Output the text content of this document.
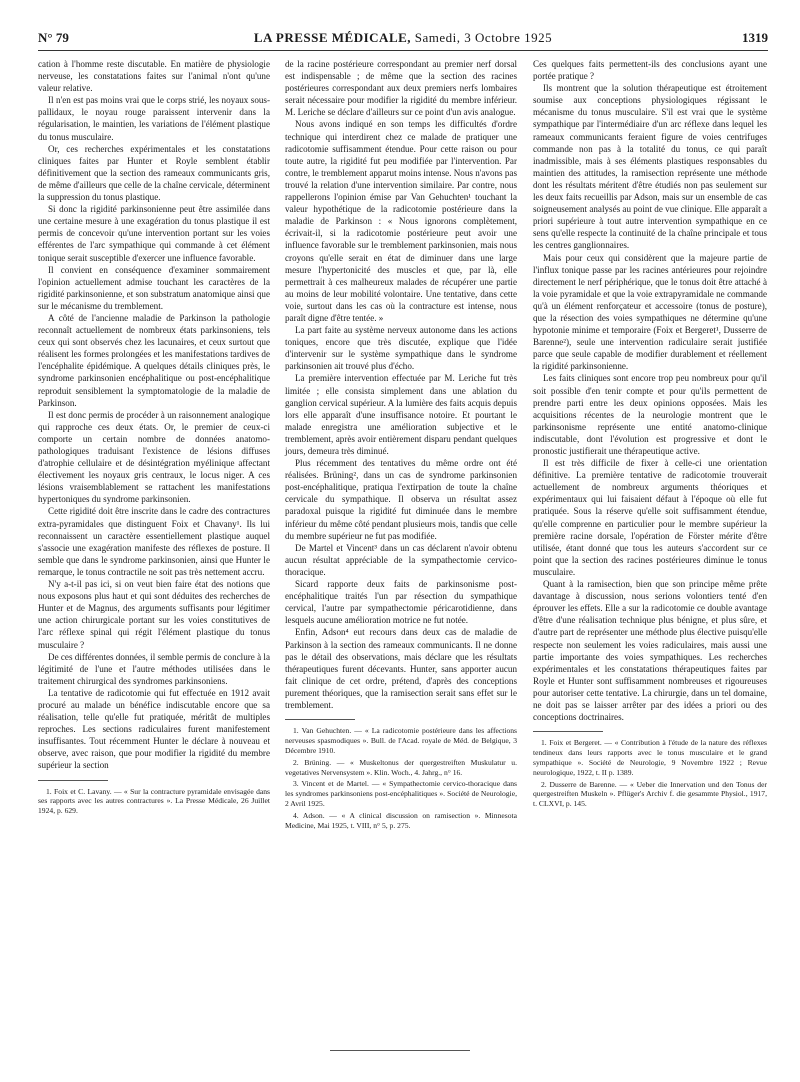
N° 79	LA PRESSE MÉDICALE, Samedi, 3 Octobre 1925	1319

cation à l'homme reste discutable. En matière de physiologie nerveuse, les constatations faites sur l'animal n'ont qu'une valeur relative.

Il n'en est pas moins vrai que le corps strié, les noyaux sous-pallidaux, le noyau rouge paraissent intervenir dans la régularisation, le maintien, les variations de l'élément plastique du tonus musculaire.

Or, ces recherches expérimentales et les constatations cliniques faites par Hunter et Royle semblent établir définitivement que la section des rameaux communicants gris, de même d'ailleurs que celle de la chaîne cervicale, déterminent la suppression du tonus plastique.

Si donc la rigidité parkinsonienne peut être assimilée dans une certaine mesure à une exagération du tonus plastique il est permis de concevoir qu'une intervention portant sur les voies efférentes de l'arc sympathique qui commande à cet élément tonique serait susceptible d'exercer une influence favorable.

Il convient en conséquence d'examiner sommairement l'opinion actuellement admise touchant les caractères de la rigidité parkinsonienne, et son substratum anatomique ainsi que sur le mécanisme du tremblement.

A côté de l'ancienne maladie de Parkinson la pathologie reconnaît actuellement de nombreux états parkinsoniens, tels ceux qui sont observés chez les lacunaires, et ceux surtout que réalisent les formes prolongées et les manifestations tardives de l'encéphalite épidémique. A quelques détails cliniques près, le syndrome parkinsonien encéphalitique ou post-encéphalitique reproduit sensiblement la symptomatologie de la maladie de Parkinson.

Il est donc permis de procéder à un raisonnement analogique qui rapproche ces deux états. Or, le premier de ceux-ci comporte un certain nombre de données anatomo-pathologiques traduisant l'existence de lésions diffuses d'atrophie cellulaire et de désintégration myélinique affectant électivement les noyaux gris centraux, le locus niger. A ces lésions vraisemblablement se rattachent les manifestations hypertoniques du syndrome parkinsonien.

Cette rigidité doit être inscrite dans le cadre des contractures extra-pyramidales que distinguent Foix et Chavany¹. Ils lui reconnaissent un caractère essentiellement plastique auquel s'associe une exagération manifeste des réflexes de posture. Il semble que dans le syndrome parkinsonien, ainsi que Hunter le remarque, le tonus contractile ne soit pas très nettement accru.

N'y a-t-il pas ici, si on veut bien faire état des notions que nous exposons plus haut et qui sont déduites des recherches de Hunter et de Magnus, des arguments suffisants pour légitimer une action chirurgicale portant sur les voies constitutives de l'arc réflexe spinal qui régit l'élément plastique du tonus musculaire ?

De ces différentes données, il semble permis de conclure à la légitimité de l'une et l'autre méthodes utilisées dans le traitement chirurgical des syndromes parkinsoniens.

La tentative de radicotomie qui fut effectuée en 1912 avait procuré au malade un bénéfice indiscutable encore que sa réalisation, telle qu'elle fut pratiquée, méritât de multiples reproches. Les sections radiculaires furent manifestement insuffisantes. Tout récemment Hunter le déclare à nouveau et observe, avec raison, que pour modifier la rigidité du membre supérieur la section

1. Foix et C. Lavany. — « Sur la contracture pyramidale envisagée dans ses rapports avec les autres contractures ». La Presse Médicale, 26 Juillet 1924, p. 629.

de la racine postérieure correspondant au premier nerf dorsal est indispensable ; de même que la section des racines postérieures correspondant aux deux premiers nerfs lombaires serait nécessaire pour modifier la rigidité du membre inférieur. M. Leriche se déclare d'ailleurs sur ce point d'un avis analogue.

Nous avons indiqué en son temps les difficultés d'ordre technique qui interdirent chez ce malade de pratiquer une radicotomie suffisamment étendue. Pour cette raison ou pour toute autre, la rigidité fut peu modifiée par l'intervention. Par contre, le tremblement apparut moins intense. Nous n'avons pas trouvé la relation d'une intervention similaire. Par contre, nous rappellerons l'opinion émise par Van Gehuchten¹ touchant la valeur hypothétique de la radicotomie postérieure dans la maladie de Parkinson : « Nous ignorons complètement, écrivait-il, si la radicotomie postérieure peut avoir une influence favorable sur le tremblement parkinsonien, mais nous croyons qu'elle serait en état de diminuer dans une large mesure l'hypertonicité des muscles et que, par là, elle permettrait à ces malheureux malades de récupérer une partie au moins de leur mobilité volontaire. Une tentative, dans cette voie, surtout dans les cas où la contracture est intense, nous paraît digne d'être tentée. »

La part faite au système nerveux autonome dans les actions toniques, encore que très discutée, explique que l'idée d'intervenir sur le système sympathique dans le syndrome parkinsonien ait trouvé plus d'écho.

La première intervention effectuée par M. Leriche fut très limitée ; elle consista simplement dans une ablation du ganglion cervical supérieur. A la lumière des faits acquis depuis lors elle apparaît d'une insuffisance notoire. Et pourtant le malade enregistra une amélioration subjective et le tremblement, après avoir entièrement disparu pendant quelques jours, demeura très diminué.

Plus récemment des tentatives du même ordre ont été réalisées. Brüning², dans un cas de syndrome parkinsonien post-encéphalitique, pratiqua l'extirpation de toute la chaîne cervicale du sympathique. Il observa un résultat assez paradoxal puisque la rigidité fut diminuée dans le membre inférieur du même côté pendant plusieurs mois, tandis que celle du membre supérieur ne fut pas modifiée.

De Martel et Vincent³ dans un cas déclarent n'avoir obtenu aucun résultat appréciable de la sympathectomie cervico-thoracique.

Sicard rapporte deux faits de parkinsonisme post-encéphalitique traités l'un par résection du sympathique cervical, l'autre par sympathectomie péricarotidienne, dans lesquels aucune amélioration motrice ne fut notée.

Enfin, Adson⁴ eut recours dans deux cas de maladie de Parkinson à la section des rameaux communicants. Il ne donne pas le détail des observations, mais déclare que les résultats thérapeutiques furent décevants. Hunter, sans apporter aucun fait clinique de cet ordre, prétend, d'après des conceptions purement théoriques, que la ramisection serait sans effet sur le tremblement.

1. Van Gehuchten. — « La radicotomie postérieure dans les affections nerveuses spasmodiques ». Bull. de l'Acad. royale de Méd. de Belgique, 3 Décembre 1910.

2. Brüning. — « Muskeltonus der quergestreiften Muskulatur u. vegetatives Nervensystem ». Klin. Woch., 4. Jahrg., n° 16.

3. Vincent et de Martel. — « Sympathectomie cervico-thoracique dans les syndromes parkinsoniens post-encéphalitiques ». Société de Neurologie, 2 Avril 1925.

4. Adson. — « A clinical discussion on ramisection ». Minnesota Medicine, Mai 1925, t. VIII, n° 5, p. 275.

Ces quelques faits permettent-ils des conclusions ayant une portée pratique ?

Ils montrent que la solution thérapeutique est étroitement soumise aux conceptions physiologiques régissant le mécanisme du tonus musculaire. S'il est vrai que le système sympathique par l'intermédiaire d'un arc réflexe dans lequel les rameaux communicants feraient figure de voies centrifuges commande non pas à la totalité du tonus, ce qui paraît inadmissible, mais à ses éléments plastiques responsables du maintien des attitudes, la ramisection représente une méthode dont les résultats méritent d'être étudiés non pas seulement sur les deux faits recueillis par Adson, mais sur un ensemble de cas soigneusement analysés au point de vue clinique. Elle apparaît a priori supérieure à tout autre intervention sympathique en ce sens qu'elle respecte la continuité de la chaîne principale et tous les centres ganglionnaires.

Mais pour ceux qui considèrent que la majeure partie de l'influx tonique passe par les racines antérieures pour rejoindre directement le nerf périphérique, que le tonus doit être attaché à la voie pyramidale et que la voie extrapyramidale ne commande qu'à un élément renforçateur et accessoire (tonus de posture), que la résection des voies sympathiques ne détermine qu'une hypotonie minime et temporaire (Foix et Bergeret¹, Dusserre de Barenne²), seule une intervention radiculaire serait justifiée parce que seule capable de modifier durablement et réellement la rigidité parkinsonienne.

Les faits cliniques sont encore trop peu nombreux pour qu'il soit possible d'en tenir compte et pour qu'ils permettent de prendre parti entre les deux opinions opposées. Mais les acquisitions récentes de la neurologie montrent que le parkinsonisme représente une entité anatomo-clinique indiscutable, dont l'évolution est progressive et dont le pronostic justifierait une thérapeutique active.

Il est très difficile de fixer à celle-ci une orientation définitive. La première tentative de radicotomie trouverait actuellement de nombreux arguments théoriques et expérimentaux qui lui faisaient défaut à l'époque où elle fut pratiquée. Sous la réserve qu'elle soit suffisamment étendue, qu'elle comprenne en particulier pour le membre supérieur la première racine dorsale, l'opération de Förster mérite d'être utilisée, étant donné que tous les auteurs s'accordent sur ce point que la section des racines postérieures diminue le tonus musculaire.

Quant à la ramisection, bien que son principe même prête davantage à discussion, nous serions volontiers tenté d'en éprouver les effets. Elle a sur la radicotomie ce double avantage d'être d'une réalisation technique plus bénigne, et plus sûre, et d'autre part de représenter une méthode plus élective puisqu'elle respecte non seulement les voies radiculaires, mais aussi une partie importante des voies sympathiques. Les recherches expérimentales et les constatations thérapeutiques faites par Royle et Hunter sont suffisamment nombreuses et rigoureuses pour autoriser cette tentative. La chirurgie, dans un tel domaine, ne doit pas se laisser arrêter par des idées a priori ou des conceptions doctrinaires.

1. Foix et Bergeret. — « Contribution à l'étude de la nature des réflexes tendineux dans leurs rapports avec le tonus musculaire et le grand sympathique ». Société de Neurologie, 9 Novembre 1922 ; Revue neurologique, 1922, t. II p. 1389.

2. Dusserre de Barenne. — « Ueber die Innervation und den Tonus der quergestreiften Muskeln ». Pflüger's Archiv f. die gesammte Physiol., 1917, t. CLXVI, p. 145.
